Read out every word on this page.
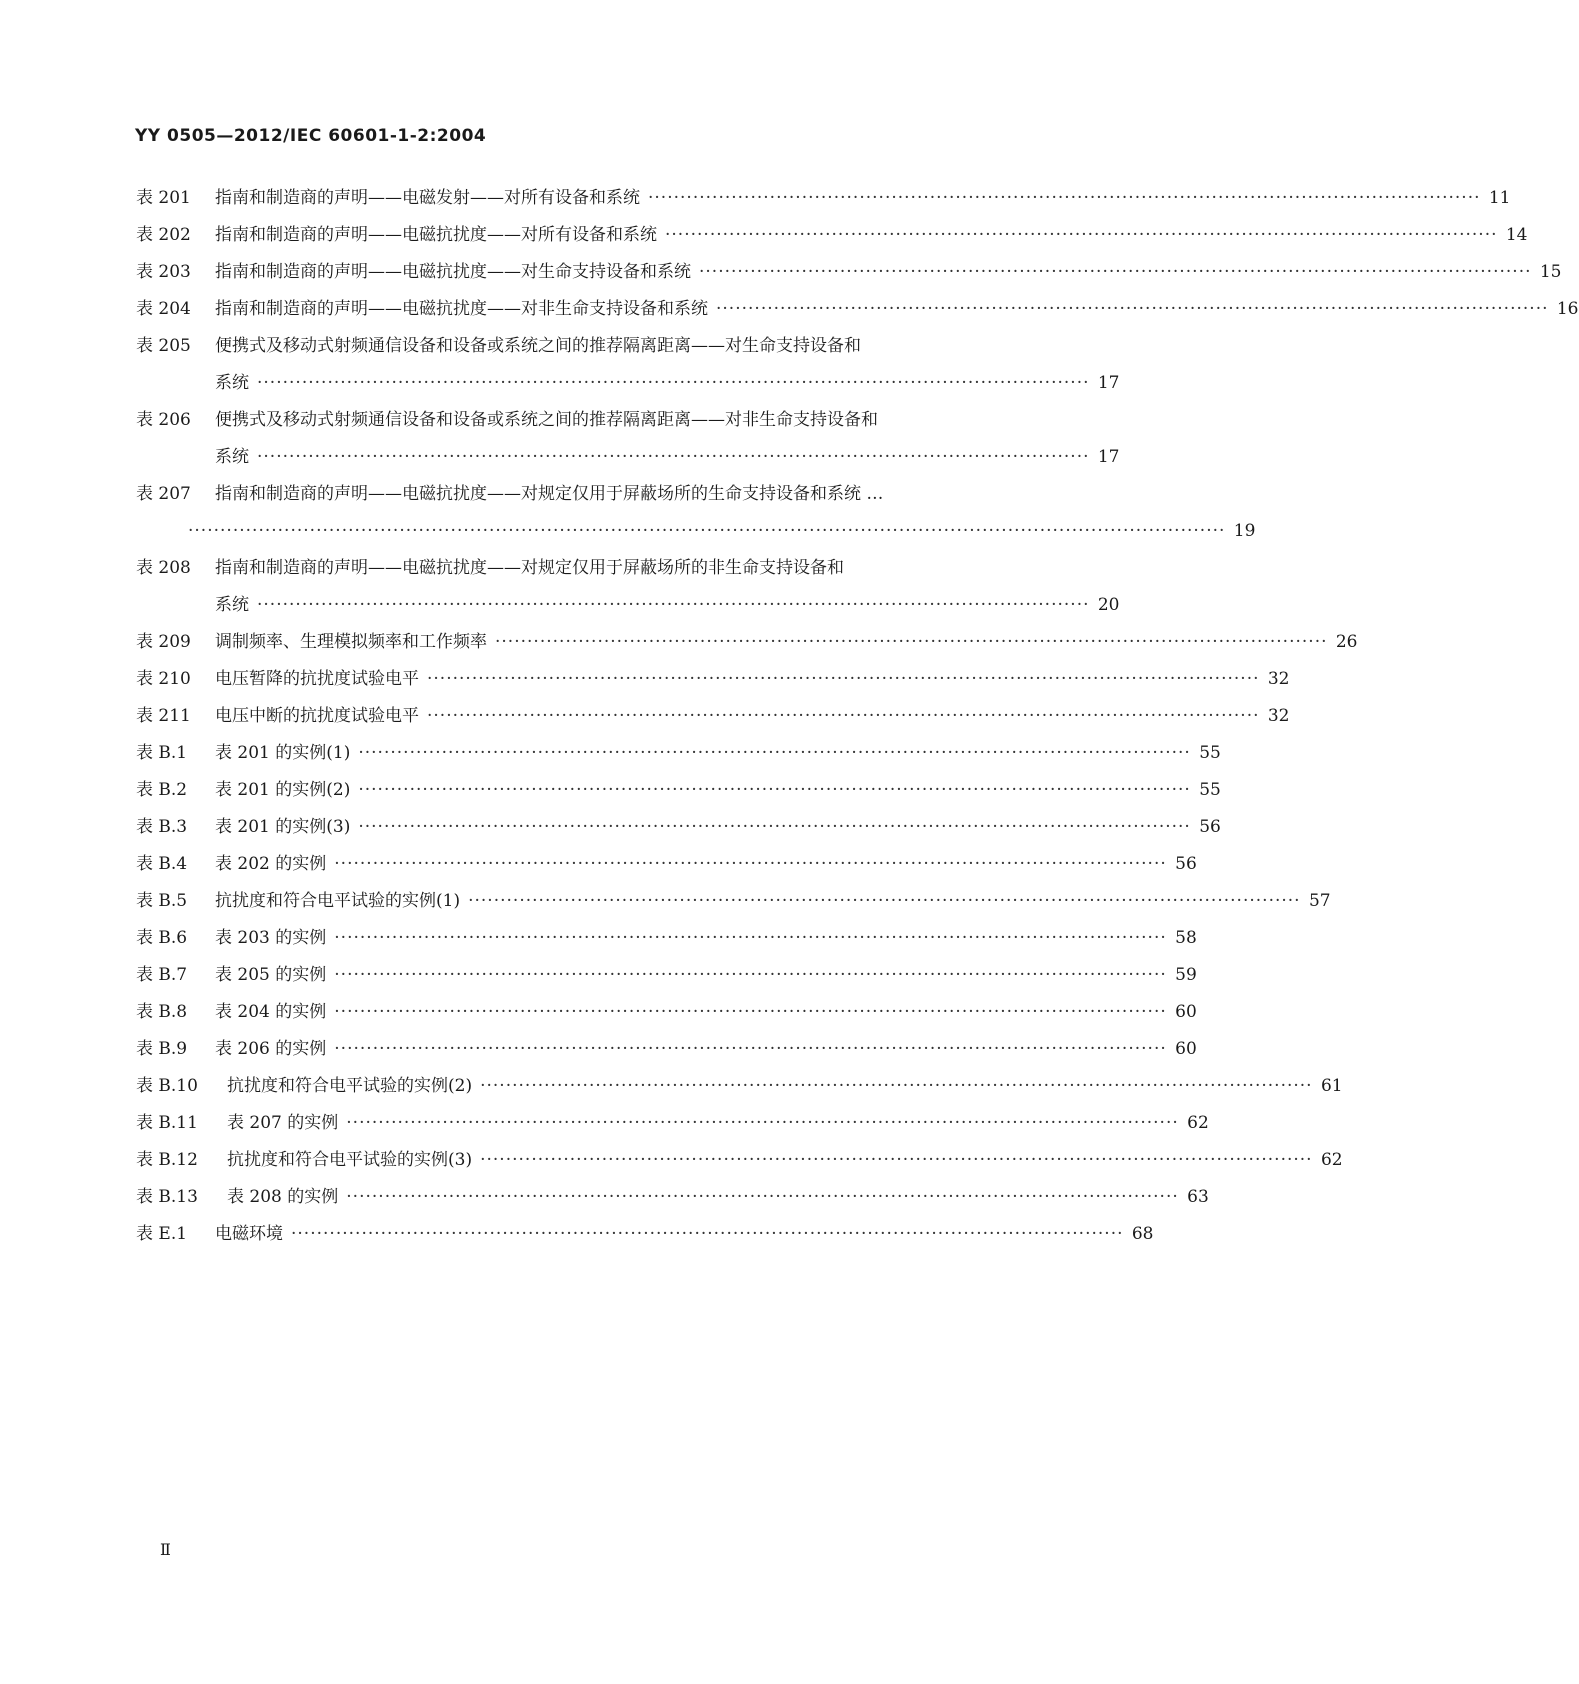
YY 0505—2012/IEC 60601-1-2:2004
表 201	指南和制造商的声明——电磁发射——对所有设备和系统 ·································································································································· 11
表 202	指南和制造商的声明——电磁抗扰度——对所有设备和系统 ·································································································································· 14
表 203	指南和制造商的声明——电磁抗扰度——对生命支持设备和系统 ·································································································································· 15
表 204	指南和制造商的声明——电磁抗扰度——对非生命支持设备和系统 ·································································································································· 16
表 205	便携式及移动式射频通信设备和设备或系统之间的推荐隔离距离——对生命支持设备和
系统 ·································································································································· 17
表 206	便携式及移动式射频通信设备和设备或系统之间的推荐隔离距离——对非生命支持设备和
系统 ·································································································································· 17
表 207	指南和制造商的声明——电磁抗扰度——对规定仅用于屏蔽场所的生命支持设备和系统 …
·································································································································································· 19
表 208	指南和制造商的声明——电磁抗扰度——对规定仅用于屏蔽场所的非生命支持设备和
系统 ·································································································································· 20
表 209	调制频率、生理模拟频率和工作频率 ·································································································································· 26
表 210	电压暂降的抗扰度试验电平 ·································································································································· 32
表 211	电压中断的抗扰度试验电平 ·································································································································· 32
表 B.1	表 201 的实例(1) ·································································································································· 55
表 B.2	表 201 的实例(2) ·································································································································· 55
表 B.3	表 201 的实例(3) ·································································································································· 56
表 B.4	表 202 的实例 ·································································································································· 56
表 B.5	抗扰度和符合电平试验的实例(1) ·································································································································· 57
表 B.6	表 203 的实例 ·································································································································· 58
表 B.7	表 205 的实例 ·································································································································· 59
表 B.8	表 204 的实例 ·································································································································· 60
表 B.9	表 206 的实例 ·································································································································· 60
表 B.10	抗扰度和符合电平试验的实例(2) ·································································································································· 61
表 B.11	表 207 的实例 ·································································································································· 62
表 B.12	抗扰度和符合电平试验的实例(3) ·································································································································· 62
表 B.13	表 208 的实例 ·································································································································· 63
表 E.1	电磁环境 ·································································································································· 68
Ⅱ
